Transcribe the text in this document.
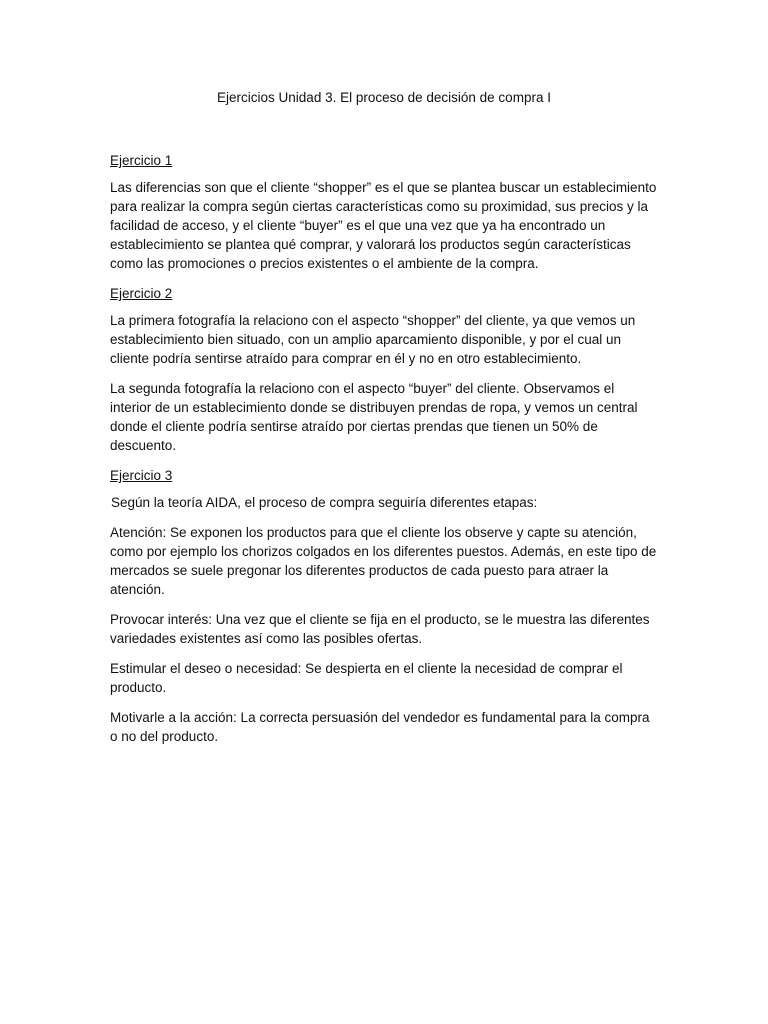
Ejercicios Unidad 3. El proceso de decisión de compra I

Ejercicio 1

Las diferencias son que el cliente “shopper” es el que se plantea buscar un establecimiento para realizar la compra según ciertas características como su proximidad, sus precios y la facilidad de acceso, y el cliente “buyer” es el que una vez que ya ha encontrado un establecimiento se plantea qué comprar, y valorará los productos según características como las promociones o precios existentes o el ambiente de la compra.

Ejercicio 2

La primera fotografía la relaciono con el aspecto “shopper” del cliente, ya que vemos un establecimiento bien situado, con un amplio aparcamiento disponible, y por el cual un cliente podría sentirse atraído para comprar en él y no en otro establecimiento.

La segunda fotografía la relaciono con el aspecto “buyer” del cliente. Observamos el interior de un establecimiento donde se distribuyen prendas de ropa, y vemos un central donde el cliente podría sentirse atraído por ciertas prendas que tienen un 50% de descuento.

Ejercicio 3

Según la teoría AIDA, el proceso de compra seguiría diferentes etapas:

Atención: Se exponen los productos para que el cliente los observe y capte su atención, como por ejemplo los chorizos colgados en los diferentes puestos. Además, en este tipo de mercados se suele pregonar los diferentes productos de cada puesto para atraer la atención.

Provocar interés: Una vez que el cliente se fija en el producto, se le muestra las diferentes variedades existentes así como las posibles ofertas.

Estimular el deseo o necesidad: Se despierta en el cliente la necesidad de comprar el producto.

Motivarle a la acción: La correcta persuasión del vendedor es fundamental para la compra o no del producto.
